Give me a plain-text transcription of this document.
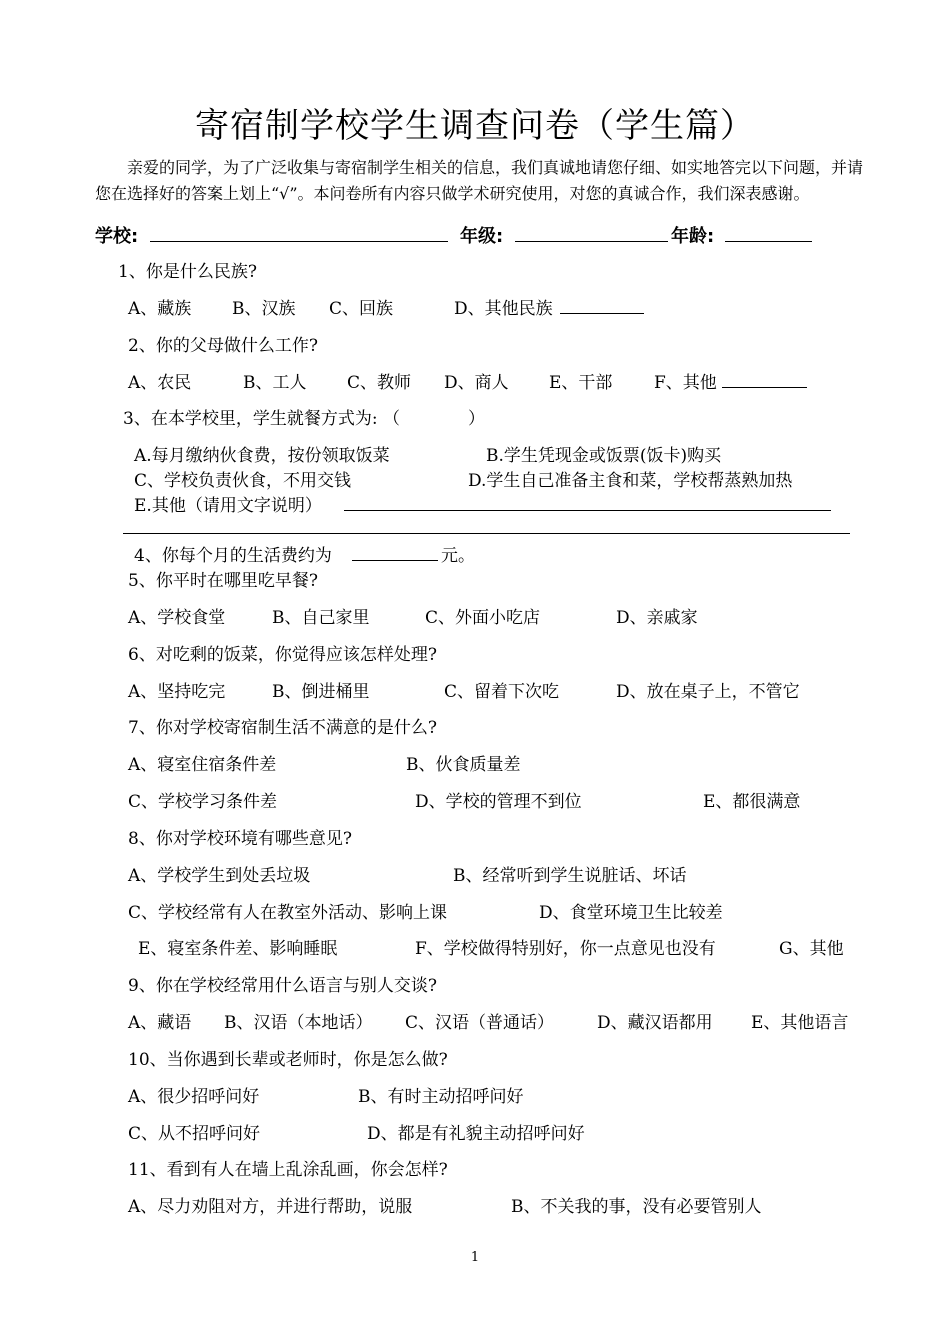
寄宿制学校学生调查问卷（学生篇）
亲爱的同学，为了广泛收集与寄宿制学生相关的信息，我们真诚地请您仔细、如实地答完以下问题，并请您在选择好的答案上划上“√”。本问卷所有内容只做学术研究使用，对您的真诚合作，我们深表感谢。
学校:	年级:	年龄:
1、你是什么民族?
A、藏族 B、汉族 C、回族	D、其他民族
2、你的父母做什么工作?
A、农民	B、工人 C、教师 D、商人 E、干部 F、其他
3、在本学校里，学生就餐方式为: （　　　　）
A.每月缴纳伙食费，按份领取饭菜	B.学生凭现金或饭票(饭卡)购买
C、学校负责伙食，不用交钱	D.学生自己准备主食和菜，学校帮蒸熟加热
E.其他（请用文字说明）
4、你每个月的生活费约为	元。
5、你平时在哪里吃早餐?
A、学校食堂	B、自己家里	C、外面小吃店	D、亲戚家
6、对吃剩的饭菜，你觉得应该怎样处理?
A、坚持吃完	B、倒进桶里	C、留着下次吃	D、放在桌子上，不管它
7、你对学校寄宿制生活不满意的是什么?
A、寝室住宿条件差	B、伙食质量差
C、学校学习条件差	D、学校的管理不到位	E、都很满意
8、你对学校环境有哪些意见?
A、学校学生到处丢垃圾	B、经常听到学生说脏话、坏话
C、学校经常有人在教室外活动、影响上课	D、食堂环境卫生比较差
E、寝室条件差、影响睡眠	F、学校做得特别好，你一点意见也没有	G、其他
9、你在学校经常用什么语言与别人交谈?
A、藏语 B、汉语（本地话） C、汉语（普通话）	D、藏汉语都用 E、其他语言
10、当你遇到长辈或老师时，你是怎么做?
A、很少招呼问好	B、有时主动招呼问好
C、从不招呼问好	D、都是有礼貌主动招呼问好
11、看到有人在墙上乱涂乱画，你会怎样?
A、尽力劝阻对方，并进行帮助，说服	B、不关我的事，没有必要管别人
1
